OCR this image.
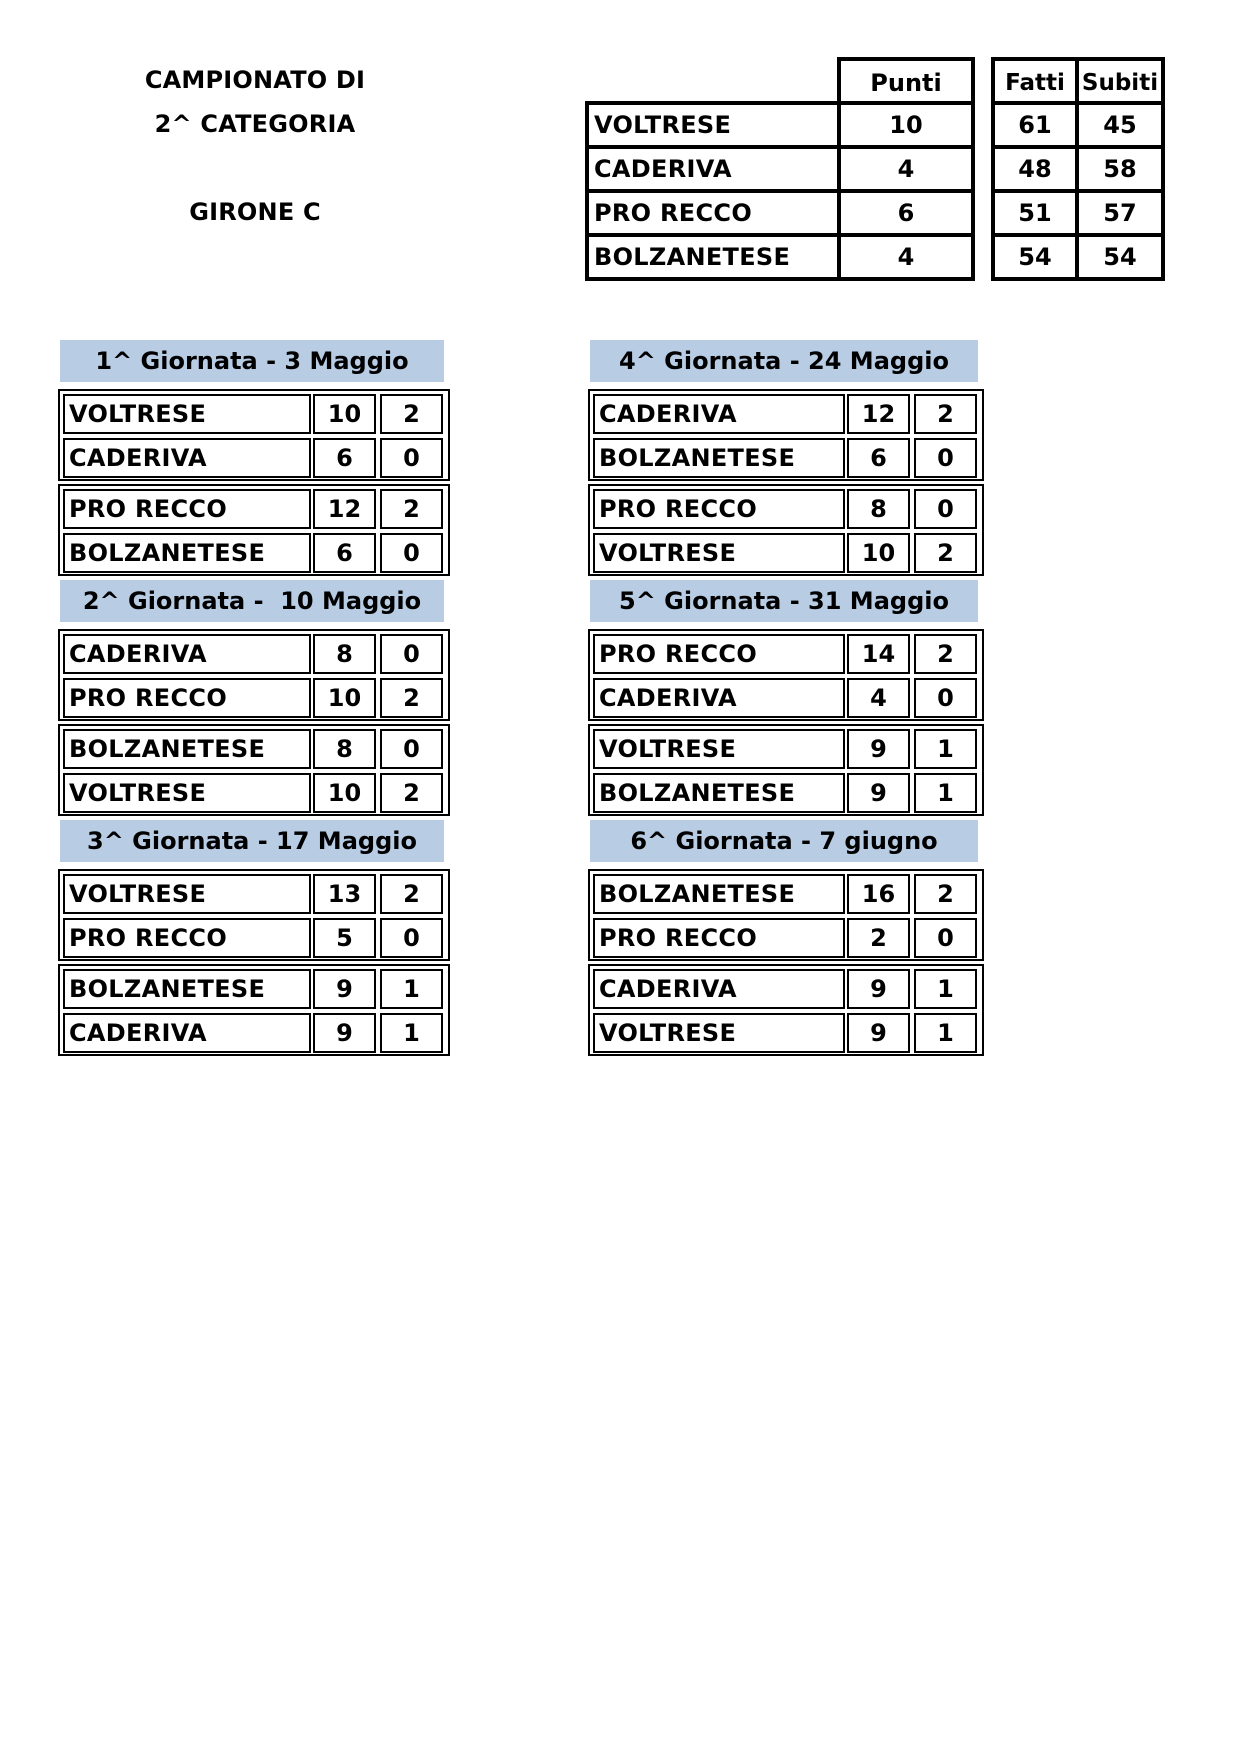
CAMPIONATO DI
2^ CATEGORIA
GIRONE C
Punti	Fatti Subiti
VOLTRESE	10	61	45
CADERIVA	4	48	58
PRO RECCO	6	51	57
BOLZANETESE	4	54	54
1^ Giornata - 3 Maggio
VOLTRESE	10	2
CADERIVA	6	0
PRO RECCO	12	2
BOLZANETESE	6	0
2^ Giornata -  10 Maggio
CADERIVA	8	0
PRO RECCO	10	2
BOLZANETESE	8	0
VOLTRESE	10	2
3^ Giornata - 17 Maggio
VOLTRESE	13	2
PRO RECCO	5	0
BOLZANETESE	9	1
CADERIVA	9	1
4^ Giornata - 24 Maggio
CADERIVA	12	2
BOLZANETESE	6	0
PRO RECCO	8	0
VOLTRESE	10	2
5^ Giornata - 31 Maggio
PRO RECCO	14	2
CADERIVA	4	0
VOLTRESE	9	1
BOLZANETESE	9	1
6^ Giornata - 7 giugno
BOLZANETESE	16	2
PRO RECCO	2	0
CADERIVA	9	1
VOLTRESE	9	1
